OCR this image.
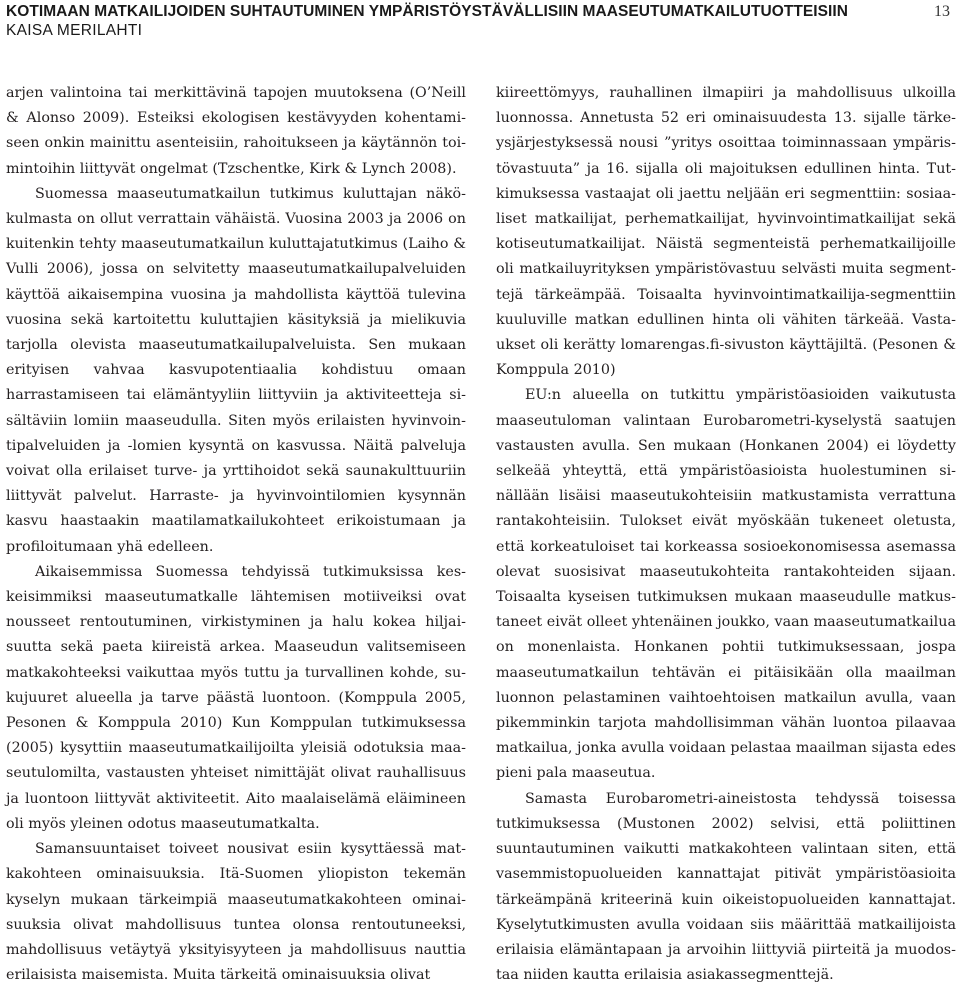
KOTIMAAN MATKAILIJOIDEN SUHTAUTUMINEN YMPÄRISTÖYSTÄVÄLLISIIN MAASEUTUMATKAILUTUOTTEISIIN
KAISA MERILAHTI
13

arjen valintoina tai merkittävinä tapojen muutoksena (O’Neill & Alonso 2009). Esteiksi ekologisen kestävyyden kohentamiseen onkin mainittu asenteisiin, rahoitukseen ja käytännön toimintoihin liittyvät ongelmat (Tzschentke, Kirk & Lynch 2008).

Suomessa maaseutumatkailun tutkimus kuluttajan näkökulmasta on ollut verrattain vähäistä. Vuosina 2003 ja 2006 on kuitenkin tehty maaseutumatkailun kuluttajatutkimus (Laiho & Vulli 2006), jossa on selvitetty maaseutumatkailupalveluiden käyttöä aikaisempina vuosina ja mahdollista käyttöä tulevina vuosina sekä kartoitettu kuluttajien käsityksiä ja mielikuvia tarjolla olevista maaseutumatkailupalveluista. Sen mukaan erityisen vahvaa kasvupotentiaalia kohdistuu omaan harrastamiseen tai elämäntyyliin liittyviin ja aktiviteetteja sisältäviin lomiin maaseudulla. Siten myös erilaisten hyvinvointipalveluiden ja -lomien kysyntä on kasvussa. Näitä palveluja voivat olla erilaiset turve- ja yrttihoidot sekä saunakulttuuriin liittyvät palvelut. Harraste- ja hyvinvointilomien kysynnän kasvu haastaakin maatilamatkailukohteet erikoistumaan ja profiloitumaan yhä edelleen.

Aikaisemmissa Suomessa tehdyissä tutkimuksissa keskeisimmiksi maaseutumatkalle lähtemisen motiiveiksi ovat nousseet rentoutuminen, virkistyminen ja halu kokea hiljaisuutta sekä paeta kiireistä arkea. Maaseudun valitsemiseen matkakohteeksi vaikuttaa myös tuttu ja turvallinen kohde, sukujuuret alueella ja tarve päästä luontoon. (Komppula 2005, Pesonen & Komppula 2010) Kun Komppulan tutkimuksessa (2005) kysyttiin maaseutumatkailijoilta yleisiä odotuksia maaseutulomilta, vastausten yhteiset nimittäjät olivat rauhallisuus ja luontoon liittyvät aktiviteetit. Aito maalaiselämä eläimineen oli myös yleinen odotus maaseutumatkalta.

Samansuuntaiset toiveet nousivat esiin kysyttäessä matkakohteen ominaisuuksia. Itä-Suomen yliopiston tekemän kyselyn mukaan tärkeimpiä maaseutumatkakohteen ominaisuuksia olivat mahdollisuus tuntea olonsa rentoutuneeksi, mahdollisuus vetäytyä yksityisyyteen ja mahdollisuus nauttia erilaisista maisemista. Muita tärkeitä ominaisuuksia olivat

kiireettömyys, rauhallinen ilmapiiri ja mahdollisuus ulkoilla luonnossa. Annetusta 52 eri ominaisuudesta 13. sijalle tärkeysjärjestyksessä nousi ”yritys osoittaa toiminnassaan ympäristövastuuta” ja 16. sijalla oli majoituksen edullinen hinta. Tutkimuksessa vastaajat oli jaettu neljään eri segmenttiin: sosiaaliset matkailijat, perhematkailijat, hyvinvointimatkailijat sekä kotiseutumatkailijat. Näistä segmenteistä perhematkailijoille oli matkailuyrityksen ympäristövastuu selvästi muita segmenttejä tärkeämpää. Toisaalta hyvinvointimatkailija-segmenttiin kuuluville matkan edullinen hinta oli vähiten tärkeää. Vastaukset oli kerätty lomarengas.fi-sivuston käyttäjiltä. (Pesonen & Komppula 2010)

EU:n alueella on tutkittu ympäristöasioiden vaikutusta maaseutuloman valintaan Eurobarometri-kyselystä saatujen vastausten avulla. Sen mukaan (Honkanen 2004) ei löydetty selkeää yhteyttä, että ympäristöasioista huolestuminen sinällään lisäisi maaseutukohteisiin matkustamista verrattuna rantakohteisiin. Tulokset eivät myöskään tukeneet oletusta, että korkeatuloiset tai korkeassa sosioekonomisessa asemassa olevat suosisivat maaseutukohteita rantakohteiden sijaan. Toisaalta kyseisen tutkimuksen mukaan maaseudulle matkustaneet eivät olleet yhtenäinen joukko, vaan maaseutumatkailua on monenlaista. Honkanen pohtii tutkimuksessaan, jospa maaseutumatkailun tehtävän ei pitäisikään olla maailman luonnon pelastaminen vaihtoehtoisen matkailun avulla, vaan pikemminkin tarjota mahdollisimman vähän luontoa pilaavaa matkailua, jonka avulla voidaan pelastaa maailman sijasta edes pieni pala maaseutua.

Samasta Eurobarometri-aineistosta tehdyssä toisessa tutkimuksessa (Mustonen 2002) selvisi, että poliittinen suuntautuminen vaikutti matkakohteen valintaan siten, että vasemmistopuolueiden kannattajat pitivät ympäristöasioita tärkeämpänä kriteerinä kuin oikeistopuolueiden kannattajat. Kyselytutkimusten avulla voidaan siis määrittää matkailijoista erilaisia elämäntapaan ja arvoihin liittyviä piirteitä ja muodostaa niiden kautta erilaisia asiakassegmenttejä.
